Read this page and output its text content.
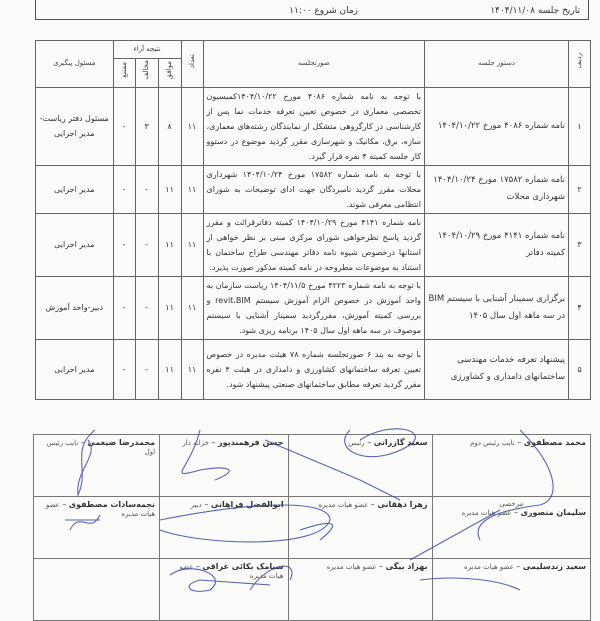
تاریخ جلسه ۱۴۰۴/۱۱/۰۸
زمان شروع ۱۱:۰۰
ردیف	دستور جلسه	صورتجلسه	تعداد	نتیجه آراء			مسئول پیگیری
				موافق	مخالف	ممتنع	
۱	نامه شماره ۴۰۸۶ مورخ ۱۴۰۴/۱۰/۲۲	با توجه به نامه شماره ۴۰۸۶ مورخ ۱۴۰۴/۱۰/۲۲کمیسیون تخصصی معماری در خصوص تعیین تعرفه خدمات نما پس از کارشناسی در کارگروهی متشکل از نمایندگان رشته‌های معماری، سازه، برق، مکانیک و شهرسازی مقرر گردید موضوع در دستوو کار جلسه کمیته ۴ نفره قرار گیرد.	۱۱	۸	۳	-	مسئول دفتر ریاست-مدیر اجرایی
۲	نامه شماره ۱۷۵۸۲ مورخ ۱۴۰۴/۱۰/۲۴ شهرداری محلات	با توجه به نامه شماره ۱۷۵۸۲ مورخ ۱۴۰۴/۱۰/۲۴ شهرداری محلات مقرر گردید نامبردگان جهت ادای توضیحات به شورای انتظامی معرفی شوند.	۱۱	۱۱	-	-	مدیر اجرایی
۳	نامه شماره ۴۱۴۱ مورخ ۱۴۰۴/۱۰/۲۹ کمیته دفاتر	نامه شماره ۴۱۴۱ مورخ ۱۴۰۴/۱۰/۲۹ کمیته دفاترقرائت و مقرر گردید پاسخ نظرخواهی شورای مرکزی مبنی بر نظر خواهی از استانها درخصوص شیوه نامه دفاتر مهندسی طراح ساختمان با استناد به موضوعات مطروحه در نامه کمیته مذکور صورت پذیرد.	۱۱	۱۱	-	-	مدیر اجرایی
۴	برگزاری سمینار آشنایی با سیستم BIM در سه ماهه اول سال ۱۴۰۵	با توجه به نامه شماره ۴۲۲۳ مورخ ۱۴۰۴/۱۱/۵ ریاست سازمان به واحد آموزش در خصوص الزام آموزش سیستم revit،BIM و بررسی کمیته آموزش، مقررگردید سمینار آشنایی با سیستم موصوف در سه ماهه اول سال ۱۴۰۵ برنامه ریزی شود.	۱۱	۱۱	-	-	دبیر-واحد آموزش
۵	پیشنهاد تعرفه خدمات مهندسی ساختمانهای دامداری و کشاورزی	با توجه به بند ۶ صورتجلسه شماره ۷۸ هیئت مدیره در خصوص تعیین تعرفه ساختمانهای کشاورزی و دامداری در هیئت ۴ نفره مقرر گردید تعرفه مطابق ساختمانهای صنعتی پیشنهاد شود.	۱۱	۱۱	-	-	مدیر اجرایی
محمد مصطفوی – نایب رئیس دوم	سعید گازرانی – رئیس	حسن فرهمندپور – خزانه دار	محمدرضا ضیغمی – نایب رئیس اول

مرخصی
سلیمان منصوری – عضو هیات مدیره	زهرا دهقانی – عضو هیات مدیره	ابوالفضل فراهانی – دبیر	نجمه‌سادات مصطفوی – عضو هیات مدیره
سعید زندسلیمی – عضو هیات مدیره	بهزاد بیگی – عضو هیات مدیره	سیامک بکائی عراقی – عضو هیات مدیره	
